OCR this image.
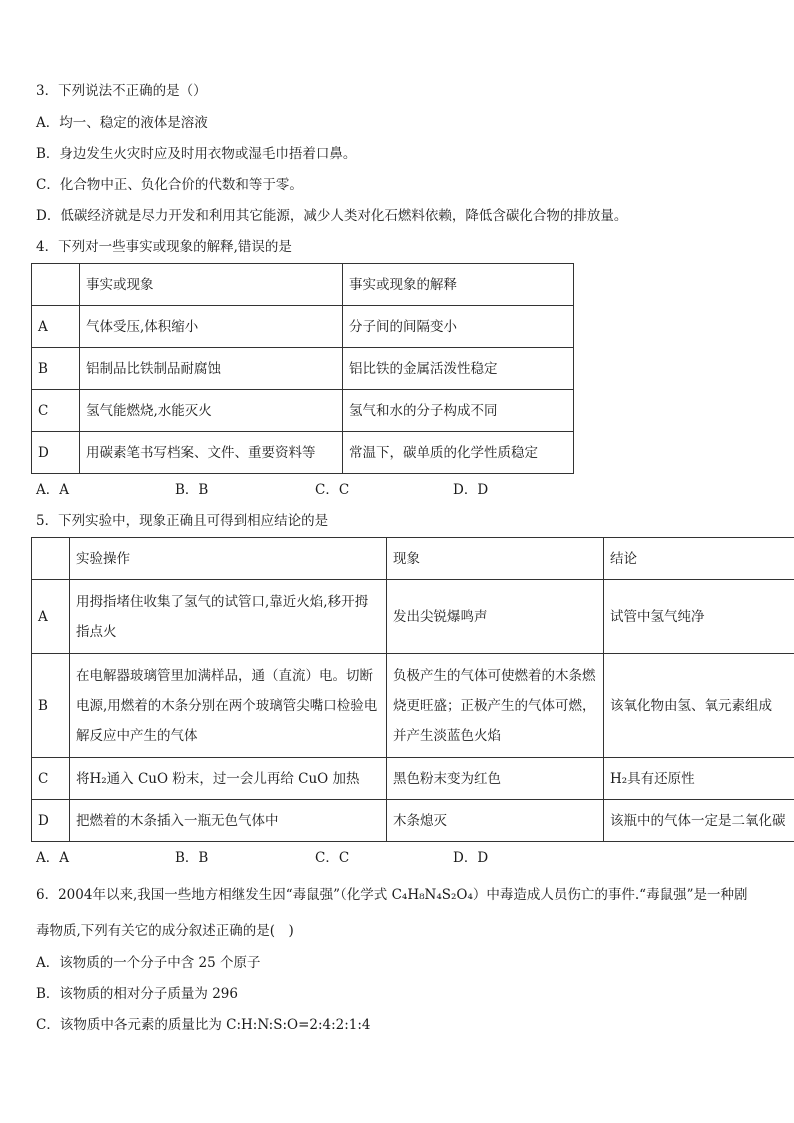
3．下列说法不正确的是（）
A．均一、稳定的液体是溶液
B．身边发生火灾时应及时用衣物或湿毛巾捂着口鼻。
C．化合物中正、负化合价的代数和等于零。
D．低碳经济就是尽力开发和利用其它能源，减少人类对化石燃料依赖，降低含碳化合物的排放量。
4．下列对一些事实或现象的解释,错误的是
	事实或现象	事实或现象的解释
A	气体受压,体积缩小	分子间的间隔变小
B	铝制品比铁制品耐腐蚀	铝比铁的金属活泼性稳定
C	氢气能燃烧,水能灭火	氢气和水的分子构成不同
D	用碳素笔书写档案、文件、重要资料等	常温下，碳单质的化学性质稳定
A．A	B．B	C．C	D．D
5．下列实验中，现象正确且可得到相应结论的是
	实验操作	现象	结论
A	用拇指堵住收集了氢气的试管口,靠近火焰,移开拇指点火	发出尖锐爆鸣声	试管中氢气纯净
B	在电解器玻璃管里加满样品，通（直流）电。切断电源,用燃着的木条分别在两个玻璃管尖嘴口检验电解反应中产生的气体	负极产生的气体可使燃着的木条燃烧更旺盛；正极产生的气体可燃，并产生淡蓝色火焰	该氧化物由氢、氧元素组成
C	将H₂通入 CuO 粉末，过一会儿再给 CuO 加热	黑色粉末变为红色	H₂具有还原性
D	把燃着的木条插入一瓶无色气体中	木条熄灭	该瓶中的气体一定是二氧化碳
A．A	B．B	C．C	D．D
6．2004年以来,我国一些地方相继发生因“毒鼠强”（化学式 C₄H₈N₄S₂O₄）中毒造成人员伤亡的事件.“毒鼠强”是一种剧
毒物质,下列有关它的成分叙述正确的是(　)
A．该物质的一个分子中含 25 个原子
B．该物质的相对分子质量为 296
C．该物质中各元素的质量比为 C:H:N:S:O=2:4:2:1:4
